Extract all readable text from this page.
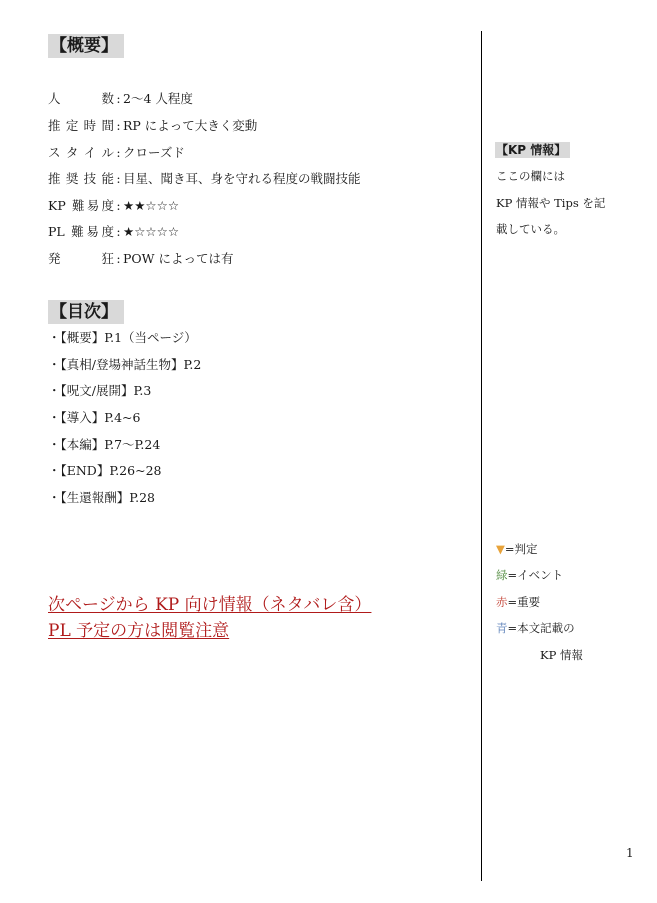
【概要】
人数 : 2〜4 人程度
推定時間 : RP によって大きく変動
スタイル : クローズド
推奨技能 : 目星、聞き耳、身を守れる程度の戦闘技能
KP 難易度 : ★★☆☆☆
PL 難易度 : ★☆☆☆☆
発狂 : POW によっては有
【目次】
・【概要】P.1（当ページ）
・【真相/登場神話生物】P.2
・【呪文/展開】P.3
・【導入】P.4~6
・【本編】P.7〜P.24
・【END】P.26~28
・【生還報酬】P.28
次ページから KP 向け情報（ネタバレ含）
PL 予定の方は閲覧注意
【KP 情報】
ここの欄には
KP 情報や Tips を記
載している。
▼=判定
緑=イベント
赤=重要
青=本文記載の
KP 情報
1
